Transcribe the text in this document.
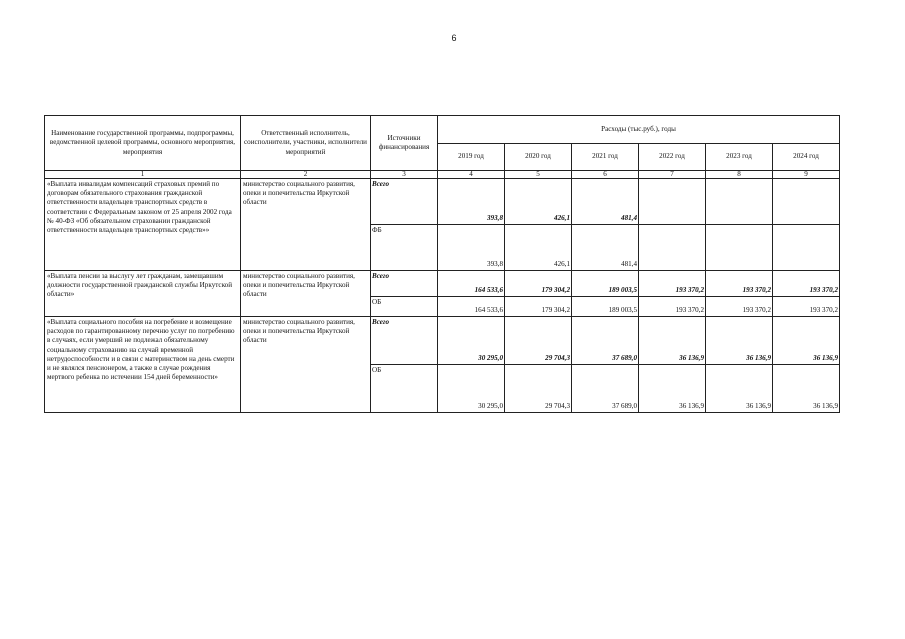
6
Наименование государственной программы, подпрограммы, ведомственной целевой программы, основного мероприятия, мероприятия	Ответственный исполнитель, соисполнители, участники, исполнители мероприятий	Источники финансирования	Расходы (тыс.руб.), годы					
			2019 год	2020 год	2021 год	2022 год	2023 год	2024 год
1	2	3	4	5	6	7	8	9
«Выплата инвалидам компенсаций страховых премий по договорам обязательного страхования гражданской ответственности владельцев транспортных средств в соответствии с Федеральным законом от 25 апреля 2002 года № 40-ФЗ «Об обязательном страховании гражданской ответственности владельцев транспортных средств»»	министерство социального развития, опеки и попечительства Иркутской области	Всего	393,8	426,1	481,4			
		ФБ	393,8	426,1	481,4			
«Выплата пенсии за выслугу лет гражданам, замещавшим должности государственной гражданской службы Иркутской области»	министерство социального развития, опеки и попечительства Иркутской области	Всего	164 533,6	179 304,2	189 003,5	193 370,2	193 370,2	193 370,2
		ОБ	164 533,6	179 304,2	189 003,5	193 370,2	193 370,2	193 370,2
«Выплата социального пособия на погребение и возмещение расходов по гарантированному перечню услуг по погребению в случаях, если умерший не подлежал обязательному социальному страхованию на случай временной нетрудоспособности и в связи с материнством на день смерти и не являлся пенсионером, а также в случае рождения мертвого ребенка по истечении 154 дней беременности»	министерство социального развития, опеки и попечительства Иркутской области	Всего	30 295,0	29 704,3	37 689,0	36 136,9	36 136,9	36 136,9
		ОБ	30 295,0	29 704,3	37 689,0	36 136,9	36 136,9	36 136,9
